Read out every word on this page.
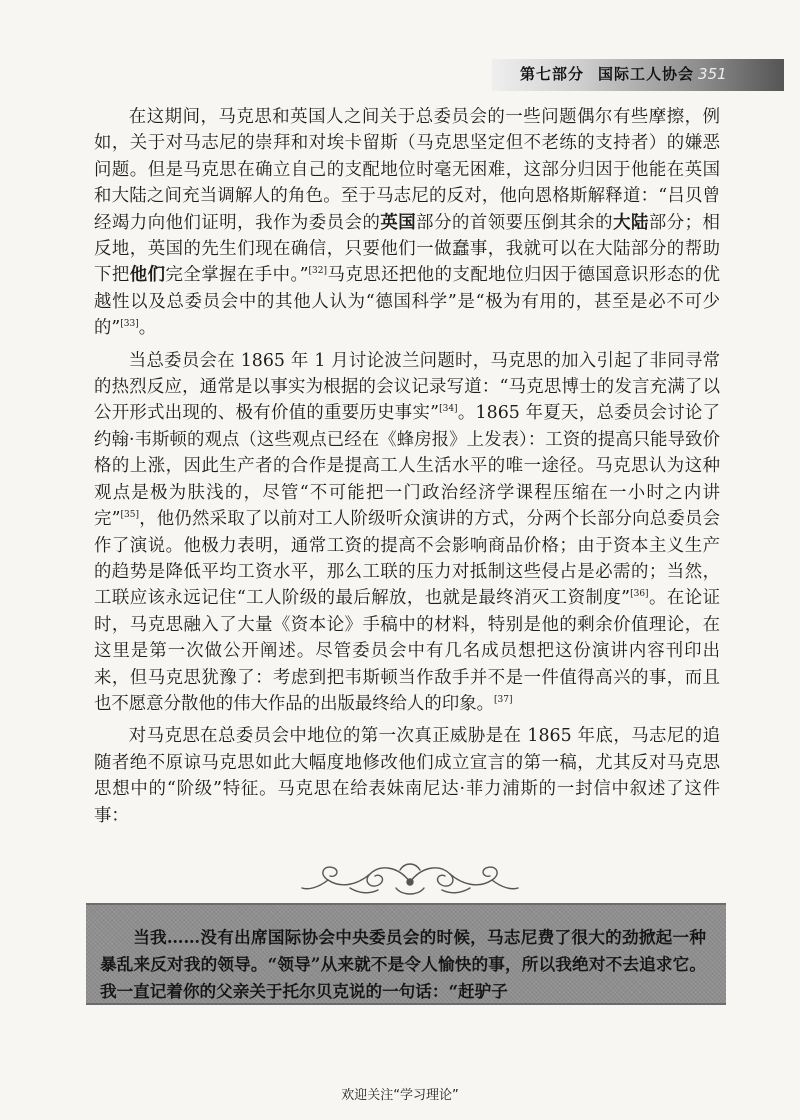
第七部分 国际工人协会 351

在这期间，马克思和英国人之间关于总委员会的一些问题偶尔有些摩擦，例如，关于对马志尼的崇拜和对埃卡留斯（马克思坚定但不老练的支持者）的嫌恶问题。但是马克思在确立自己的支配地位时毫无困难，这部分归因于他能在英国和大陆之间充当调解人的角色。至于马志尼的反对，他向恩格斯解释道：“吕贝曾经竭力向他们证明，我作为委员会的英国部分的首领要压倒其余的大陆部分；相反地，英国的先生们现在确信，只要他们一做蠢事，我就可以在大陆部分的帮助下把他们完全掌握在手中。”[32]马克思还把他的支配地位归因于德国意识形态的优越性以及总委员会中的其他人认为“德国科学”是“极为有用的，甚至是必不可少的”[33]。

当总委员会在 1865 年 1 月讨论波兰问题时，马克思的加入引起了非同寻常的热烈反应，通常是以事实为根据的会议记录写道：“马克思博士的发言充满了以公开形式出现的、极有价值的重要历史事实”[34]。1865 年夏天，总委员会讨论了约翰·韦斯顿的观点（这些观点已经在《蜂房报》上发表）：工资的提高只能导致价格的上涨，因此生产者的合作是提高工人生活水平的唯一途径。马克思认为这种观点是极为肤浅的，尽管“不可能把一门政治经济学课程压缩在一小时之内讲完”[35]，他仍然采取了以前对工人阶级听众演讲的方式，分两个长部分向总委员会作了演说。他极力表明，通常工资的提高不会影响商品价格；由于资本主义生产的趋势是降低平均工资水平，那么工联的压力对抵制这些侵占是必需的；当然，工联应该永远记住“工人阶级的最后解放，也就是最终消灭工资制度”[36]。在论证时，马克思融入了大量《资本论》手稿中的材料，特别是他的剩余价值理论，在这里是第一次做公开阐述。尽管委员会中有几名成员想把这份演讲内容刊印出来，但马克思犹豫了：考虑到把韦斯顿当作敌手并不是一件值得高兴的事，而且也不愿意分散他的伟大作品的出版最终给人的印象。[37]

对马克思在总委员会中地位的第一次真正威胁是在 1865 年底，马志尼的追随者绝不原谅马克思如此大幅度地修改他们成立宣言的第一稿，尤其反对马克思思想中的“阶级”特征。马克思在给表妹南尼达·菲力浦斯的一封信中叙述了这件事：

当我……没有出席国际协会中央委员会的时候，马志尼费了很大的劲掀起一种暴乱来反对我的领导。“领导”从来就不是令人愉快的事，所以我绝对不去追求它。我一直记着你的父亲关于托尔贝克说的一句话：“赶驴子

欢迎关注“学习理论”
